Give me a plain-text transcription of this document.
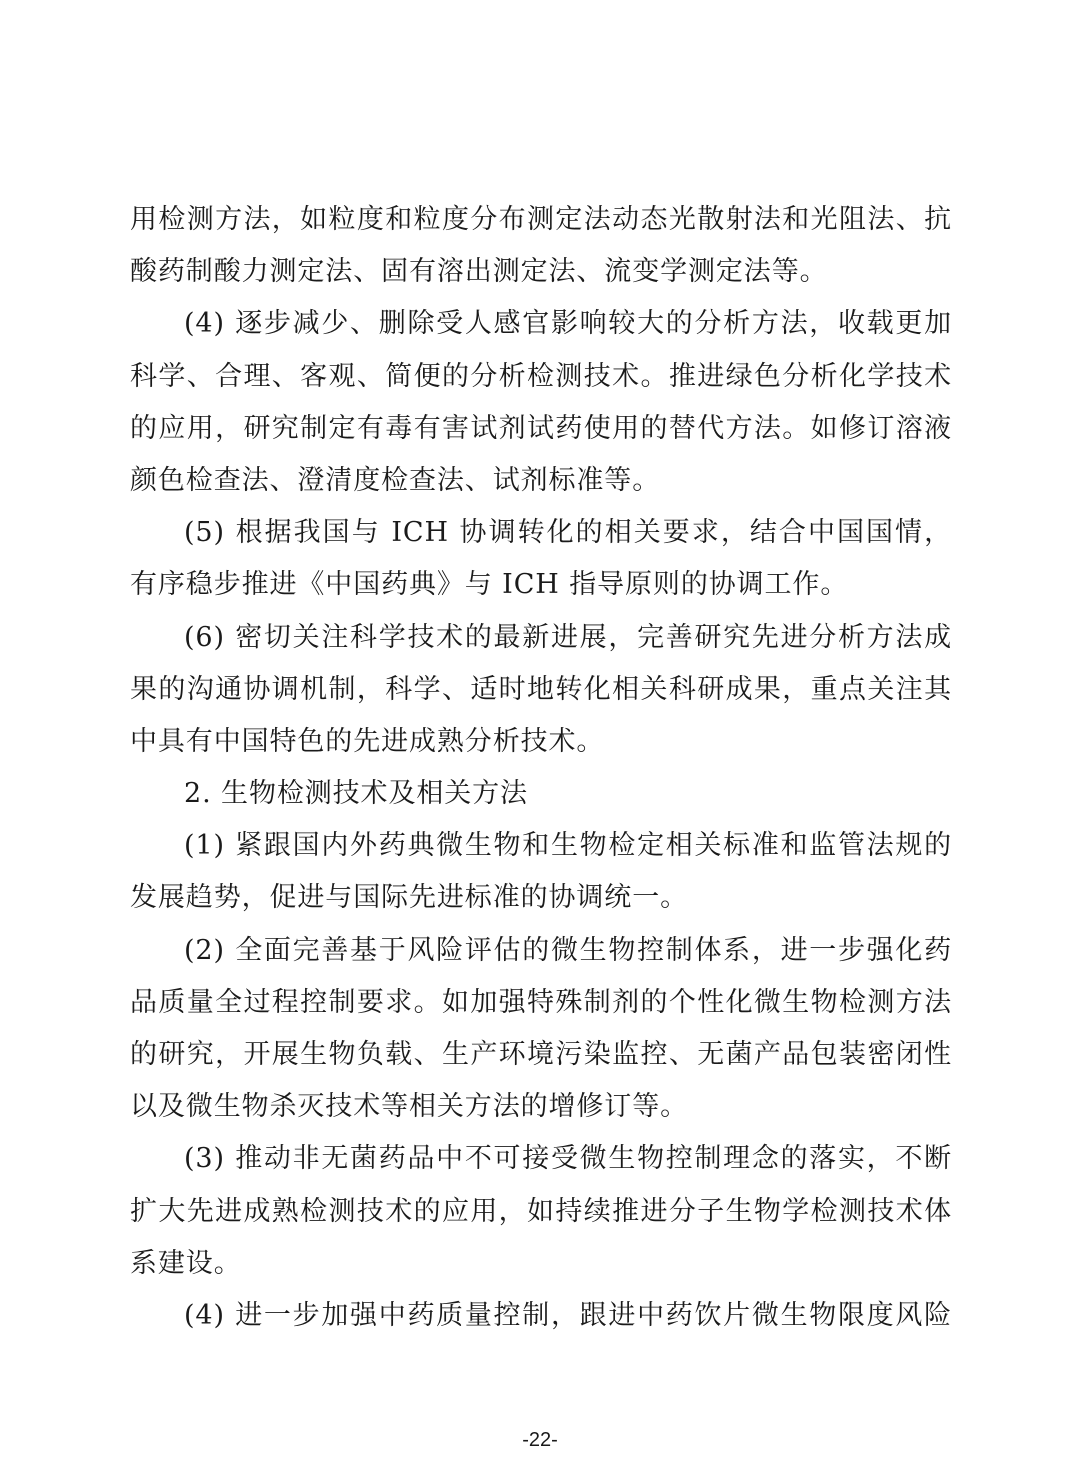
用检测方法，如粒度和粒度分布测定法动态光散射法和光阻法、抗
酸药制酸力测定法、固有溶出测定法、流变学测定法等。
(4) 逐步减少、删除受人感官影响较大的分析方法，收载更加
科学、合理、客观、简便的分析检测技术。推进绿色分析化学技术
的应用，研究制定有毒有害试剂试药使用的替代方法。如修订溶液
颜色检查法、澄清度检查法、试剂标准等。
(5) 根据我国与 ICH 协调转化的相关要求，结合中国国情，
有序稳步推进《中国药典》与 ICH 指导原则的协调工作。
(6) 密切关注科学技术的最新进展，完善研究先进分析方法成
果的沟通协调机制，科学、适时地转化相关科研成果，重点关注其
中具有中国特色的先进成熟分析技术。
2. 生物检测技术及相关方法
(1) 紧跟国内外药典微生物和生物检定相关标准和监管法规的
发展趋势，促进与国际先进标准的协调统一。
(2) 全面完善基于风险评估的微生物控制体系，进一步强化药
品质量全过程控制要求。如加强特殊制剂的个性化微生物检测方法
的研究，开展生物负载、生产环境污染监控、无菌产品包装密闭性
以及微生物杀灭技术等相关方法的增修订等。
(3) 推动非无菌药品中不可接受微生物控制理念的落实，不断
扩大先进成熟检测技术的应用，如持续推进分子生物学检测技术体
系建设。
(4) 进一步加强中药质量控制，跟进中药饮片微生物限度风险
-22-
